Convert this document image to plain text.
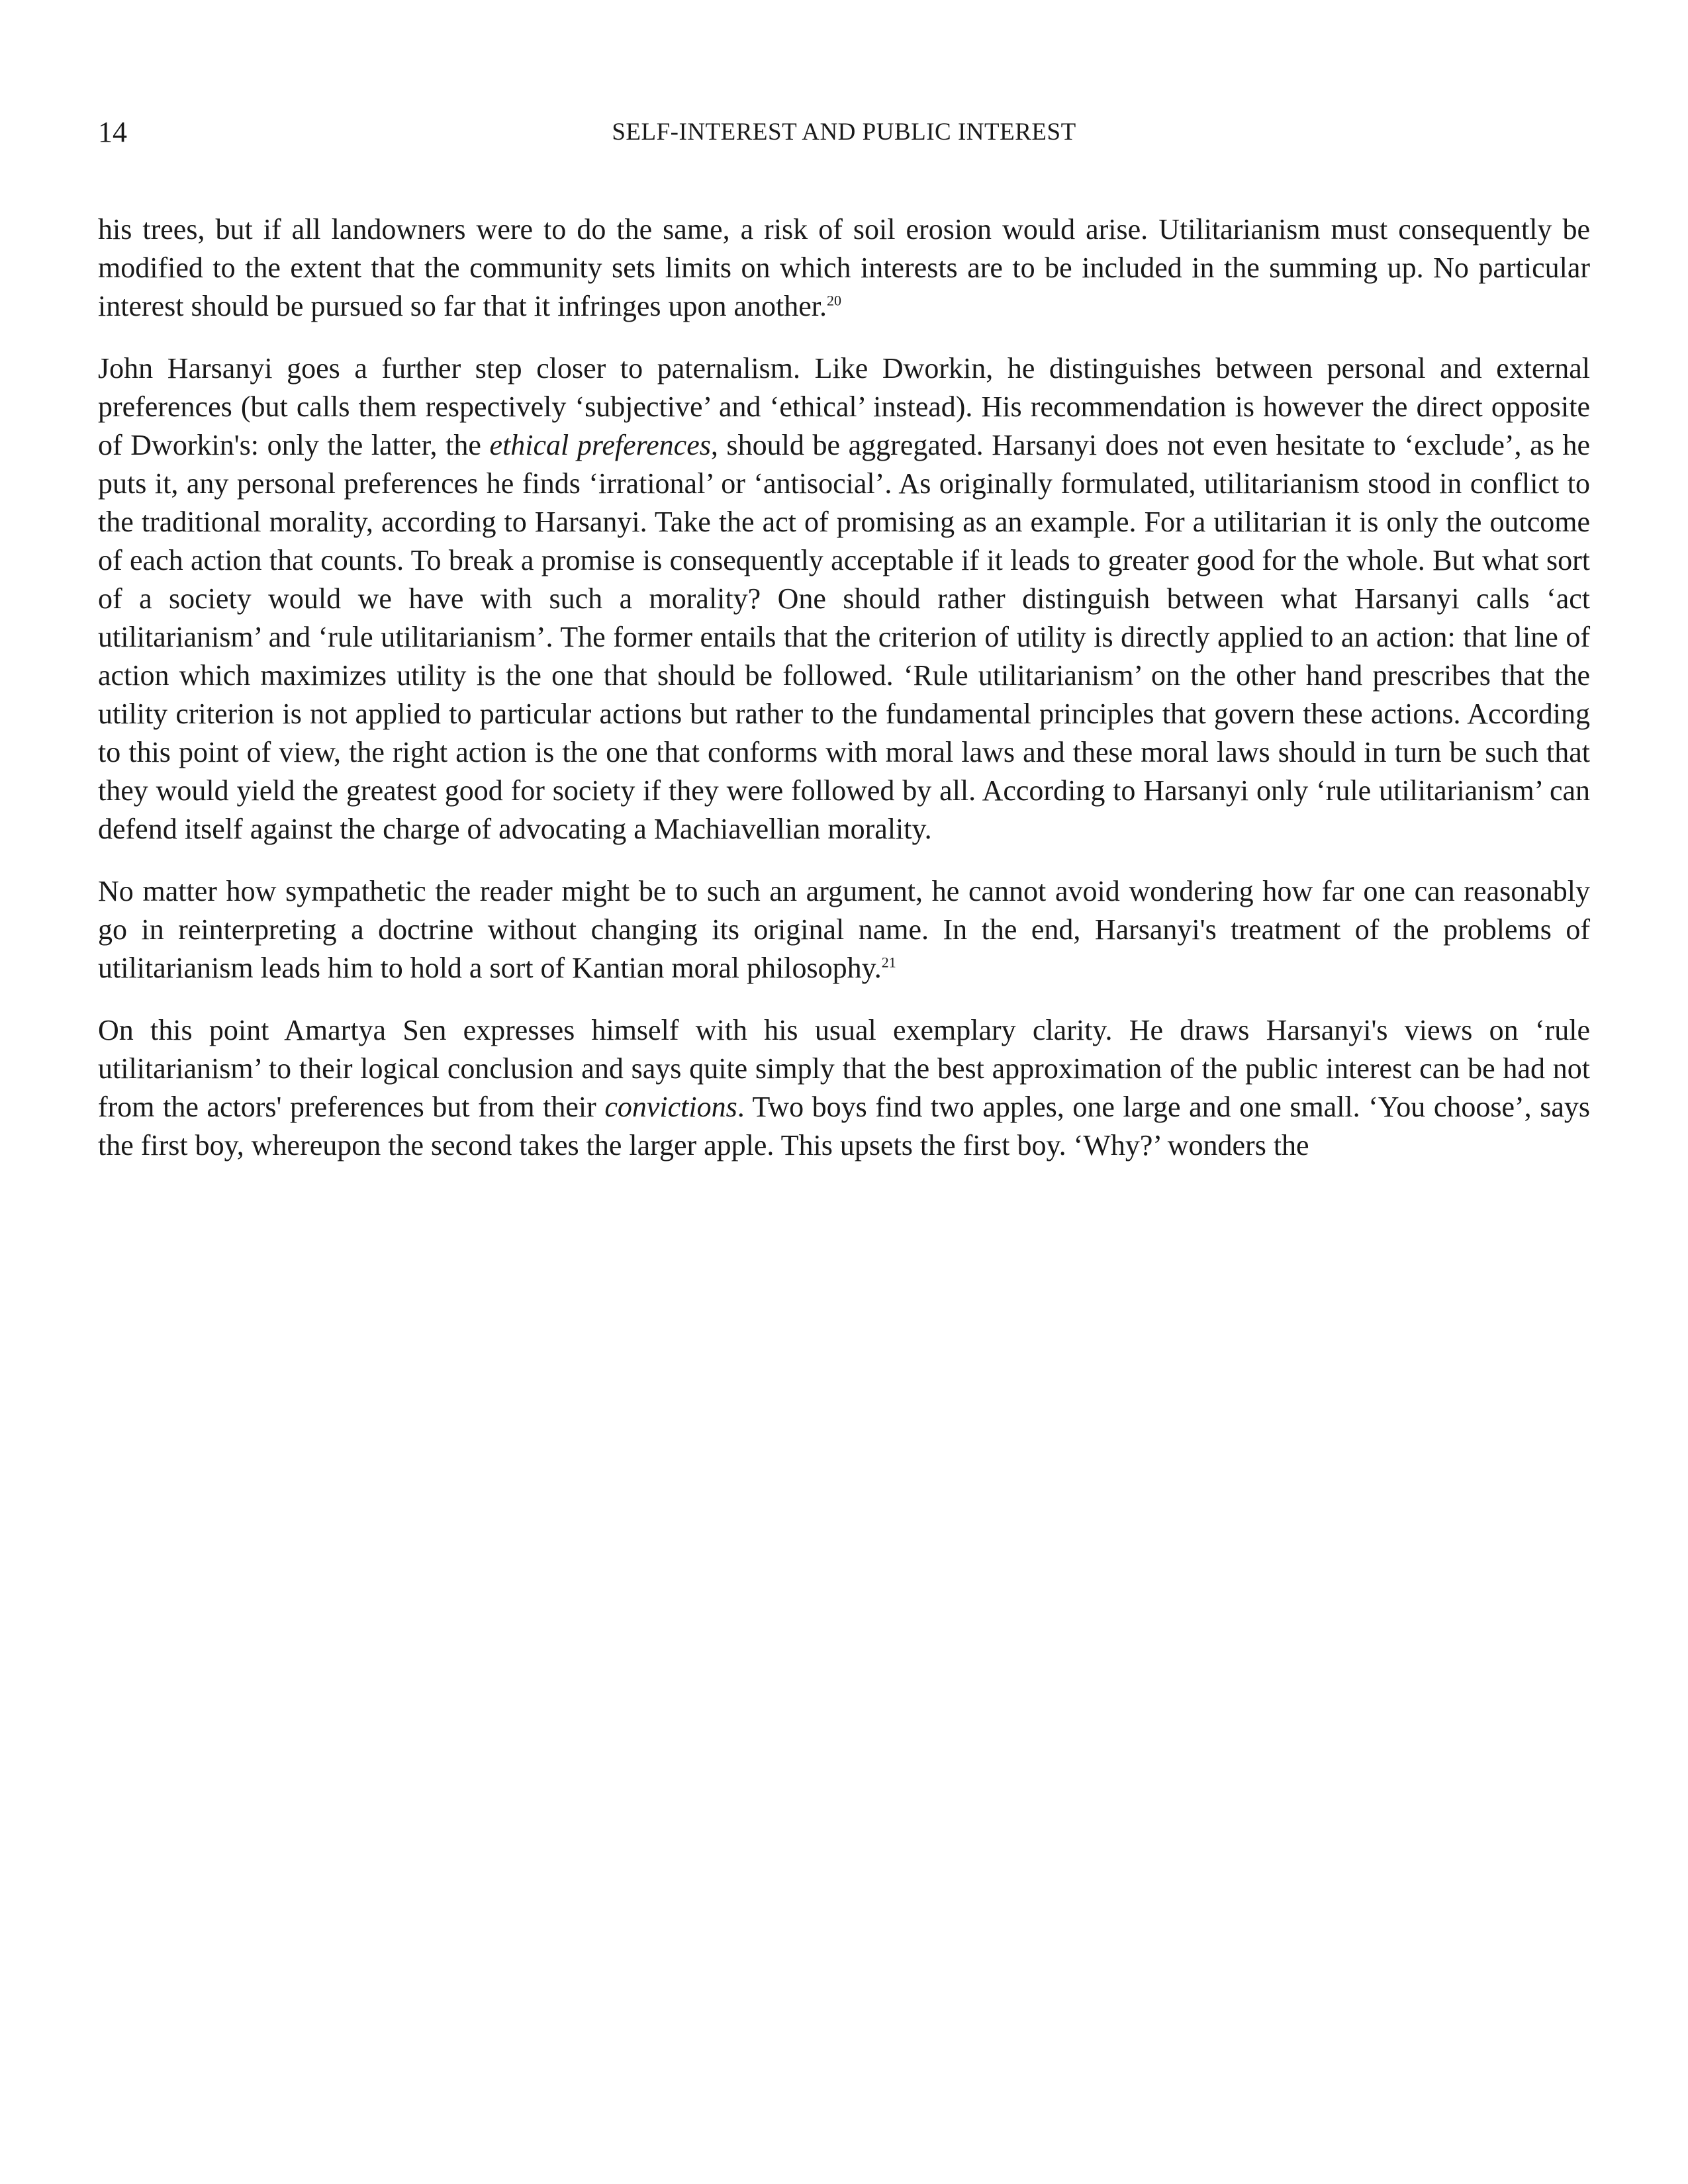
14	SELF-INTEREST AND PUBLIC INTEREST

his trees, but if all landowners were to do the same, a risk of soil erosion would arise. Utilitarianism must consequently be modified to the extent that the community sets limits on which interests are to be included in the summing up. No particular interest should be pursued so far that it infringes upon another.$^{20}$

John Harsanyi goes a further step closer to paternalism. Like Dworkin, he distinguishes between personal and external preferences (but calls them respectively ‘subjective’ and ‘ethical’ instead). His recommendation is however the direct opposite of Dworkin's: only the latter, the ethical preferences, should be aggregated. Harsanyi does not even hesitate to ‘exclude’, as he puts it, any personal preferences he finds ‘irrational’ or ‘antisocial’. As originally formulated, utilitarianism stood in conflict to the traditional morality, according to Harsanyi. Take the act of promising as an example. For a utilitarian it is only the outcome of each action that counts. To break a promise is consequently acceptable if it leads to greater good for the whole. But what sort of a society would we have with such a morality? One should rather distinguish between what Harsanyi calls ‘act utilitarianism’ and ‘rule utilitarianism’. The former entails that the criterion of utility is directly applied to an action: that line of action which maximizes utility is the one that should be followed. ‘Rule utilitarianism’ on the other hand prescribes that the utility criterion is not applied to particular actions but rather to the fundamental principles that govern these actions. According to this point of view, the right action is the one that conforms with moral laws and these moral laws should in turn be such that they would yield the greatest good for society if they were followed by all. According to Harsanyi only ‘rule utilitarianism’ can defend itself against the charge of advocating a Machiavellian morality.

No matter how sympathetic the reader might be to such an argument, he cannot avoid wondering how far one can reasonably go in reinterpreting a doctrine without changing its original name. In the end, Harsanyi's treatment of the problems of utilitarianism leads him to hold a sort of Kantian moral philosophy.$^{21}$

On this point Amartya Sen expresses himself with his usual exemplary clarity. He draws Harsanyi's views on ‘rule utilitarianism’ to their logical conclusion and says quite simply that the best approximation of the public interest can be had not from the actors' preferences but from their convictions. Two boys find two apples, one large and one small. ‘You choose’, says the first boy, whereupon the second takes the larger apple. This upsets the first boy. ‘Why?’ wonders the
